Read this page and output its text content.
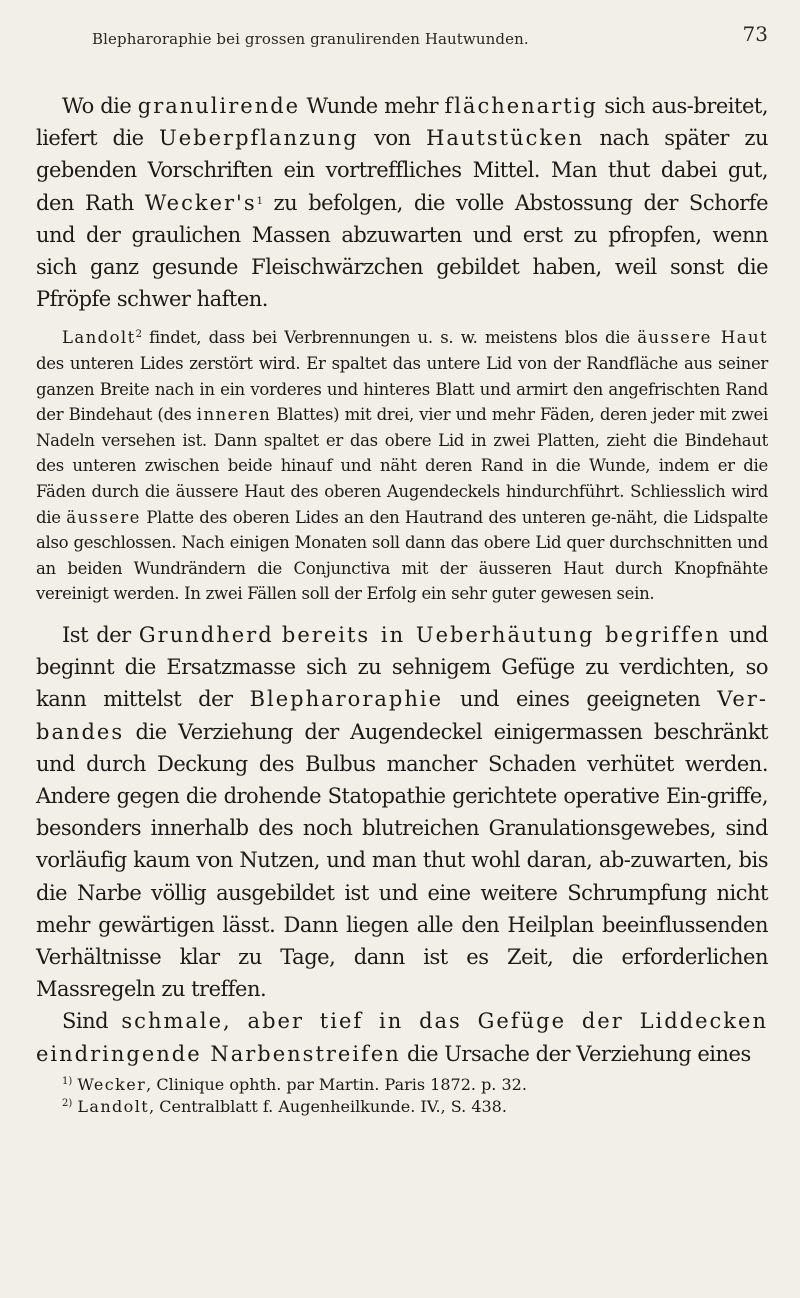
Blepharoraphie bei grossen granulirenden Hautwunden.	73

Wo die granulirende Wunde mehr flächenartig sich aus-breitet, liefert die Ueberpflanzung von Hautstücken nach später zu gebenden Vorschriften ein vortreffliches Mittel. Man thut dabei gut, den Rath $Wecker's^1$ zu befolgen, die volle Abstossung der Schorfe und der graulichen Massen abzuwarten und erst zu pfropfen, wenn sich ganz gesunde Fleischwärzchen gebildet haben, weil sonst die Pfröpfe schwer haften.

Landolt$^2$ findet, dass bei Verbrennungen u. s. w. meistens blos die äussere Haut des unteren Lides zerstört wird. Er spaltet das untere Lid von der Randfläche aus seiner ganzen Breite nach in ein vorderes und hinteres Blatt und armirt den angefrischten Rand der Bindehaut (des inneren Blattes) mit drei, vier und mehr Fäden, deren jeder mit zwei Nadeln versehen ist. Dann spaltet er das obere Lid in zwei Platten, zieht die Bindehaut des unteren zwischen beide hinauf und näht deren Rand in die Wunde, indem er die Fäden durch die äussere Haut des oberen Augendeckels hindurchführt. Schliesslich wird die äussere Platte des oberen Lides an den Hautrand des unteren ge-näht, die Lidspalte also geschlossen. Nach einigen Monaten soll dann das obere Lid quer durchschnitten und an beiden Wundrändern die Conjunctiva mit der äusseren Haut durch Knopfnähte vereinigt werden. In zwei Fällen soll der Erfolg ein sehr guter gewesen sein.

Ist der Grundherd bereits in Ueberhäutung begriffen und beginnt die Ersatzmasse sich zu sehnigem Gefüge zu verdichten, so kann mittelst der Blepharoraphie und eines geeigneten Ver-bandes die Verziehung der Augendeckel einigermassen beschränkt und durch Deckung des Bulbus mancher Schaden verhütet werden. Andere gegen die drohende Statopathie gerichtete operative Ein-griffe, besonders innerhalb des noch blutreichen Granulationsgewebes, sind vorläufig kaum von Nutzen, und man thut wohl daran, ab-zuwarten, bis die Narbe völlig ausgebildet ist und eine weitere Schrumpfung nicht mehr gewärtigen lässt. Dann liegen alle den Heilplan beeinflussenden Verhältnisse klar zu Tage, dann ist es Zeit, die erforderlichen Massregeln zu treffen.

Sind schmale, aber tief in das Gefüge der Liddecken eindringende Narbenstreifen die Ursache der Verziehung eines

$^{1)}$ Wecker, Clinique ophth. par Martin. Paris 1872. p. 32.

$^{2)}$ Landolt, Centralblatt f. Augenheilkunde. IV., S. 438.
